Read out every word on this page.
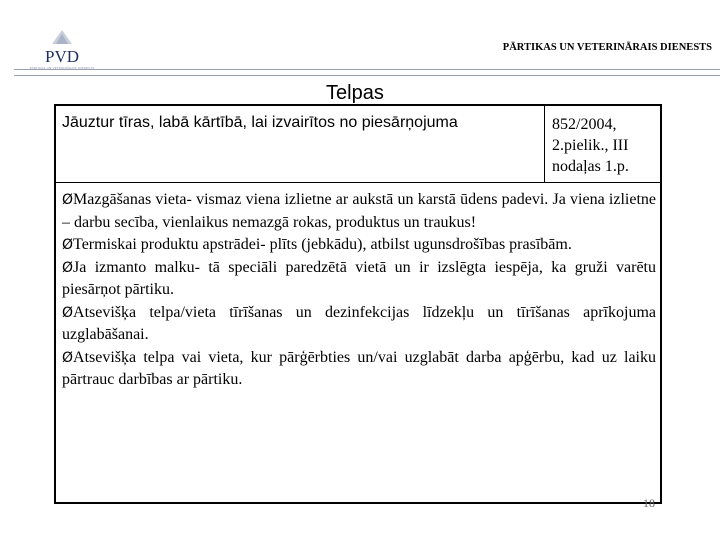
PVD
PĀRTIKAS UN VETERINĀRAIS DIENESTS
PĀRTIKAS UN VETERINĀRAIS DIENESTS
Telpas
Jāuztur tīras, labā kārtībā, lai izvairītos no piesārņojuma	852/2004, 2.pielik., III nodaļas 1.p.

ØMazgāšanas vieta- vismaz viena izlietne ar aukstā un karstā ūdens padevi. Ja viena izlietne – darbu secība, vienlaikus nemazgā rokas, produktus un traukus!

ØTermiskai produktu apstrādei- plīts (jebkādu), atbilst ugunsdrošības prasībām.

ØJa izmanto malku- tā speciāli paredzētā vietā un ir izslēgta iespēja, ka gruži varētu piesārņot pārtiku.

ØAtsevišķa telpa/vieta tīrīšanas un dezinfekcijas līdzekļu un tīrīšanas aprīkojuma uzglabāšanai.

ØAtsevišķa telpa vai vieta, kur pārģērbties un/vai uzglabāt darba apģērbu, kad uz laiku pārtrauc darbības ar pārtiku.

18
